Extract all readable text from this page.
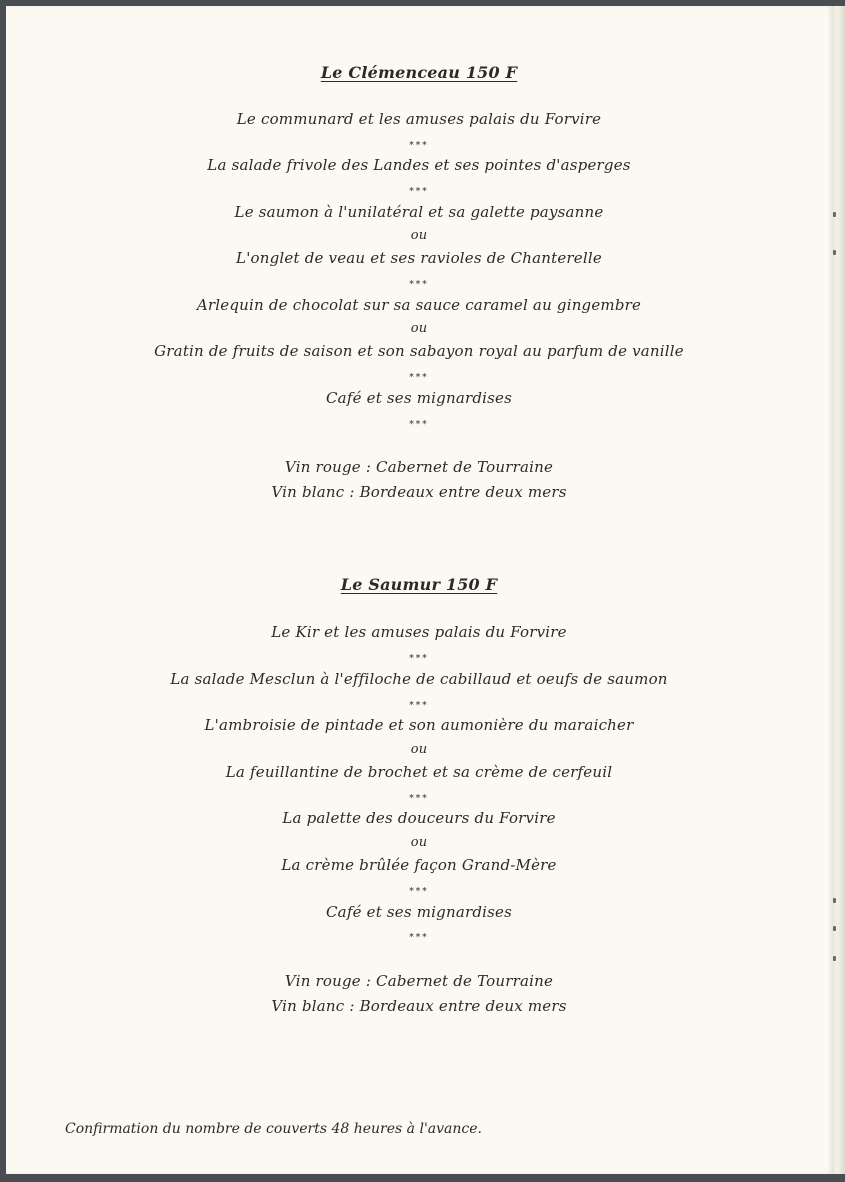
Le Clémenceau 150 F
Le communard et les amuses palais du Forvire
***
La salade frivole des Landes et ses pointes d'asperges
***
Le saumon à l'unilatéral et sa galette paysanne
ou
L'onglet de veau et ses ravioles de Chanterelle
***
Arlequin de chocolat sur sa sauce caramel au gingembre
ou
Gratin de fruits de saison et son sabayon royal au parfum de vanille
***
Café et ses mignardises
***
Vin rouge : Cabernet de Tourraine
Vin blanc : Bordeaux entre deux mers
Le Saumur 150 F
Le Kir et les amuses palais du Forvire
***
La salade Mesclun à l'effiloche de cabillaud et oeufs de saumon
***
L'ambroisie de pintade et son aumonière du maraicher
ou
La feuillantine de brochet et sa crème de cerfeuil
***
La palette des douceurs du Forvire
ou
La crème brûlée façon Grand-Mère
***
Café et ses mignardises
***
Vin rouge : Cabernet de Tourraine
Vin blanc : Bordeaux entre deux mers
Confirmation du nombre de couverts 48 heures à l'avance.
